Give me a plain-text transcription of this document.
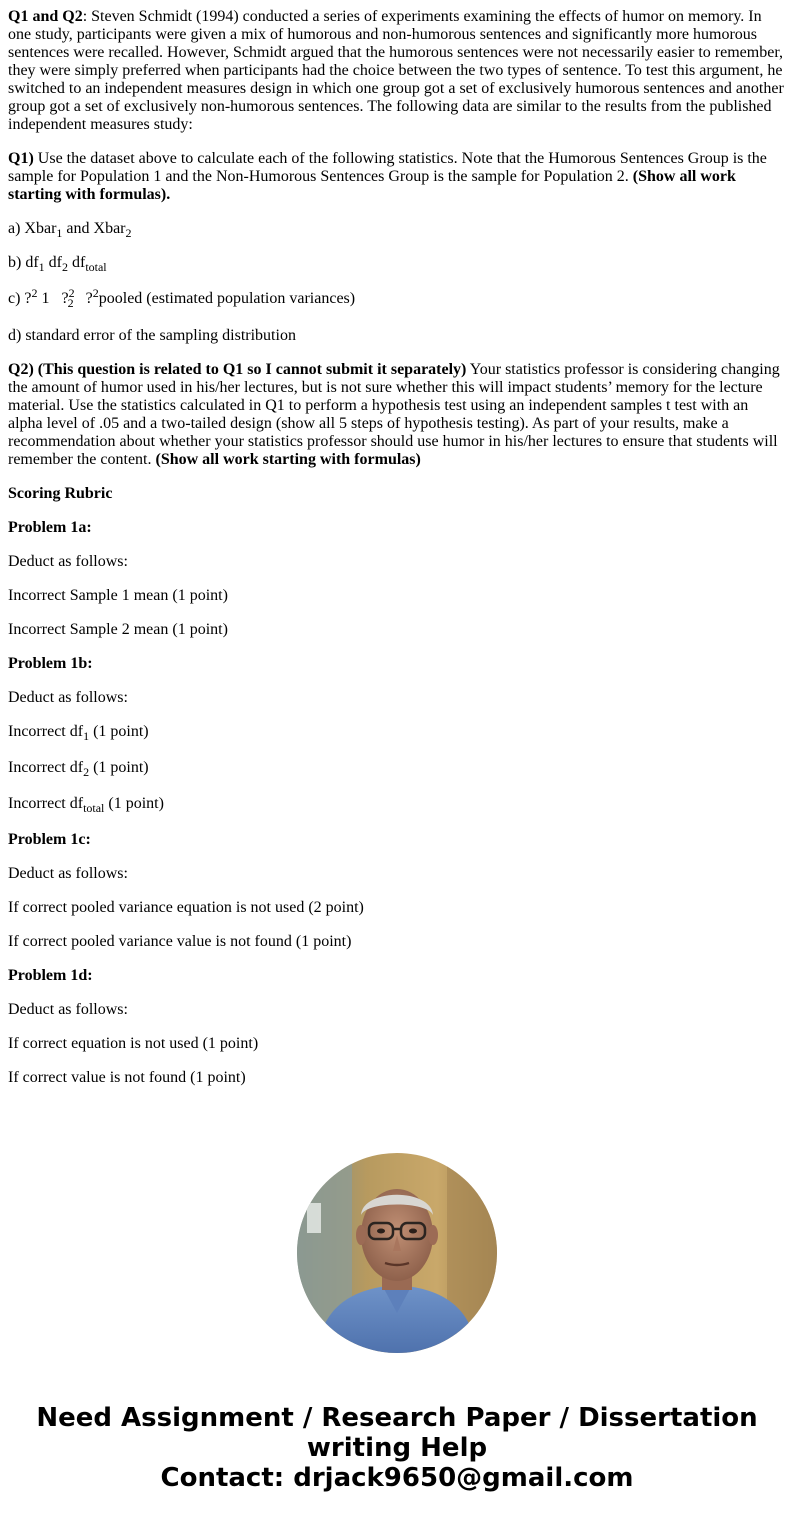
Q1 and Q2: Steven Schmidt (1994) conducted a series of experiments examining the effects of humor on memory. In one study, participants were given a mix of humorous and non-humorous sentences and significantly more humorous sentences were recalled. However, Schmidt argued that the humorous sentences were not necessarily easier to remember, they were simply preferred when participants had the choice between the two types of sentence. To test this argument, he switched to an independent measures design in which one group got a set of exclusively humorous sentences and another group got a set of exclusively non-humorous sentences. The following data are similar to the results from the published independent measures study:

Q1) Use the dataset above to calculate each of the following statistics. Note that the Humorous Sentences Group is the sample for Population 1 and the Non-Humorous Sentences Group is the sample for Population 2. (Show all work starting with formulas).

a) Xbar$_1$ and Xbar$_2$

b) $df_1$ $df_2$ $df_{total}$

c) ?$^2$ 1   ?$^2_2$   ?$^2$pooled (estimated population variances)

d) standard error of the sampling distribution

Q2) (This question is related to Q1 so I cannot submit it separately) Your statistics professor is considering changing the amount of humor used in his/her lectures, but is not sure whether this will impact students’ memory for the lecture material. Use the statistics calculated in Q1 to perform a hypothesis test using an independent samples t test with an alpha level of .05 and a two-tailed design (show all 5 steps of hypothesis testing). As part of your results, make a recommendation about whether your statistics professor should use humor in his/her lectures to ensure that students will remember the content. (Show all work starting with formulas)

Scoring Rubric

Problem 1a:

Deduct as follows:

Incorrect Sample 1 mean (1 point)

Incorrect Sample 2 mean (1 point)

Problem 1b:

Deduct as follows:

Incorrect $df_1$ (1 point)

Incorrect $df_2$ (1 point)

Incorrect $df_{total}$ (1 point)

Problem 1c:

Deduct as follows:

If correct pooled variance equation is not used (2 point)

If correct pooled variance value is not found (1 point)

Problem 1d:

Deduct as follows:

If correct equation is not used (1 point)

If correct value is not found (1 point)

Need Assignment / Research Paper / Dissertation
writing Help
Contact: drjack9650@gmail.com
